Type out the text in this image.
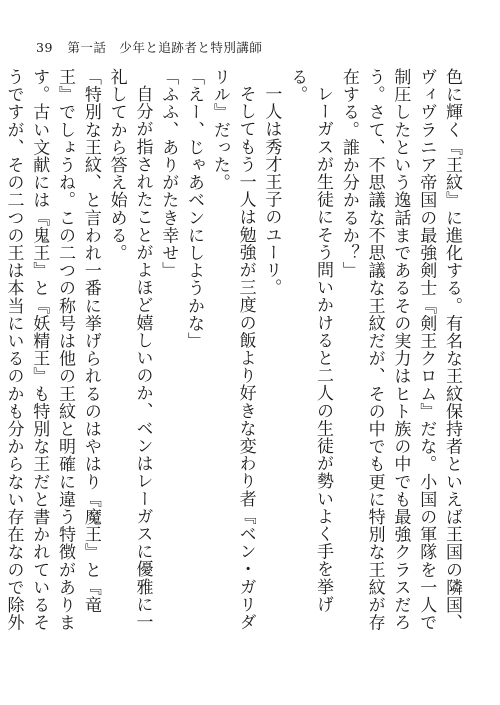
39 第一話　少年と追跡者と特別講師

色に輝く『王紋』に進化する。有名な王紋保持者といえば王国の隣国、ヴィヴラニア帝国の最強剣士『剣王クロム』だな。小国の軍隊を一人で制圧したという逸話まであるその実力はヒト族の中でも最強クラスだろう。さて、不思議な不思議な王紋だが、その中でも更に特別な王紋が存在する。誰か分かるか？」

レーガスが生徒にそう問いかけると二人の生徒が勢いよく手を挙げる。

一人は秀才王子のユーリ。

そしてもう一人は勉強が三度の飯より好きな変わり者『ベン・ガリダリル』だった。

「えー、じゃあベンにしようかな」

「ふふ、ありがたき幸せ」

自分が指されたことがよほど嬉しいのか、ベンはレーガスに優雅に一礼してから答え始める。

「特別な王紋、と言われ一番に挙げられるのはやはり『魔王』と『竜王』でしょうね。この二つの称号は他の王紋と明確に違う特徴があります。古い文献には『鬼王』と『妖精王』も特別な王だと書かれているそうですが、その二つの王は本当にいるのかも分からない存在なので除外
